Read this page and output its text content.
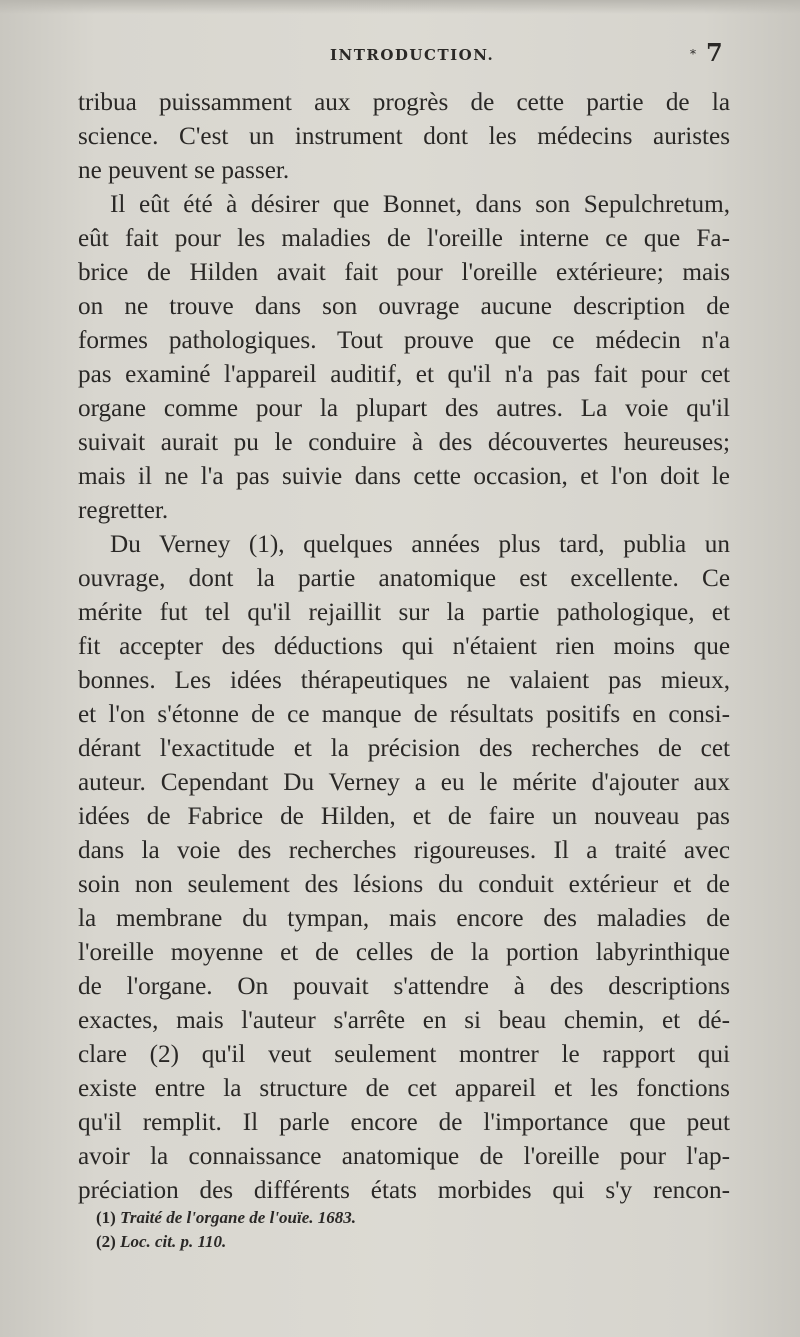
INTRODUCTION.	* 7
tribua puissamment aux progrès de cette partie de la
science. C'est un instrument dont les médecins auristes
ne peuvent se passer.
Il eût été à désirer que Bonnet, dans son Sepulchretum,
eût fait pour les maladies de l'oreille interne ce que Fa-
brice de Hilden avait fait pour l'oreille extérieure; mais
on ne trouve dans son ouvrage aucune description de
formes pathologiques. Tout prouve que ce médecin n'a
pas examiné l'appareil auditif, et qu'il n'a pas fait pour cet
organe comme pour la plupart des autres. La voie qu'il
suivait aurait pu le conduire à des découvertes heureuses;
mais il ne l'a pas suivie dans cette occasion, et l'on doit le
regretter.
Du Verney (1), quelques années plus tard, publia un
ouvrage, dont la partie anatomique est excellente. Ce
mérite fut tel qu'il rejaillit sur la partie pathologique, et
fit accepter des déductions qui n'étaient rien moins que
bonnes. Les idées thérapeutiques ne valaient pas mieux,
et l'on s'étonne de ce manque de résultats positifs en consi-
dérant l'exactitude et la précision des recherches de cet
auteur. Cependant Du Verney a eu le mérite d'ajouter aux
idées de Fabrice de Hilden, et de faire un nouveau pas
dans la voie des recherches rigoureuses. Il a traité avec
soin non seulement des lésions du conduit extérieur et de
la membrane du tympan, mais encore des maladies de
l'oreille moyenne et de celles de la portion labyrinthique
de l'organe. On pouvait s'attendre à des descriptions
exactes, mais l'auteur s'arrête en si beau chemin, et dé-
clare (2) qu'il veut seulement montrer le rapport qui
existe entre la structure de cet appareil et les fonctions
qu'il remplit. Il parle encore de l'importance que peut
avoir la connaissance anatomique de l'oreille pour l'ap-
préciation des différents états morbides qui s'y rencon-
(1) Traité de l'organe de l'ouïe. 1683.
(2) Loc. cit. p. 110.
